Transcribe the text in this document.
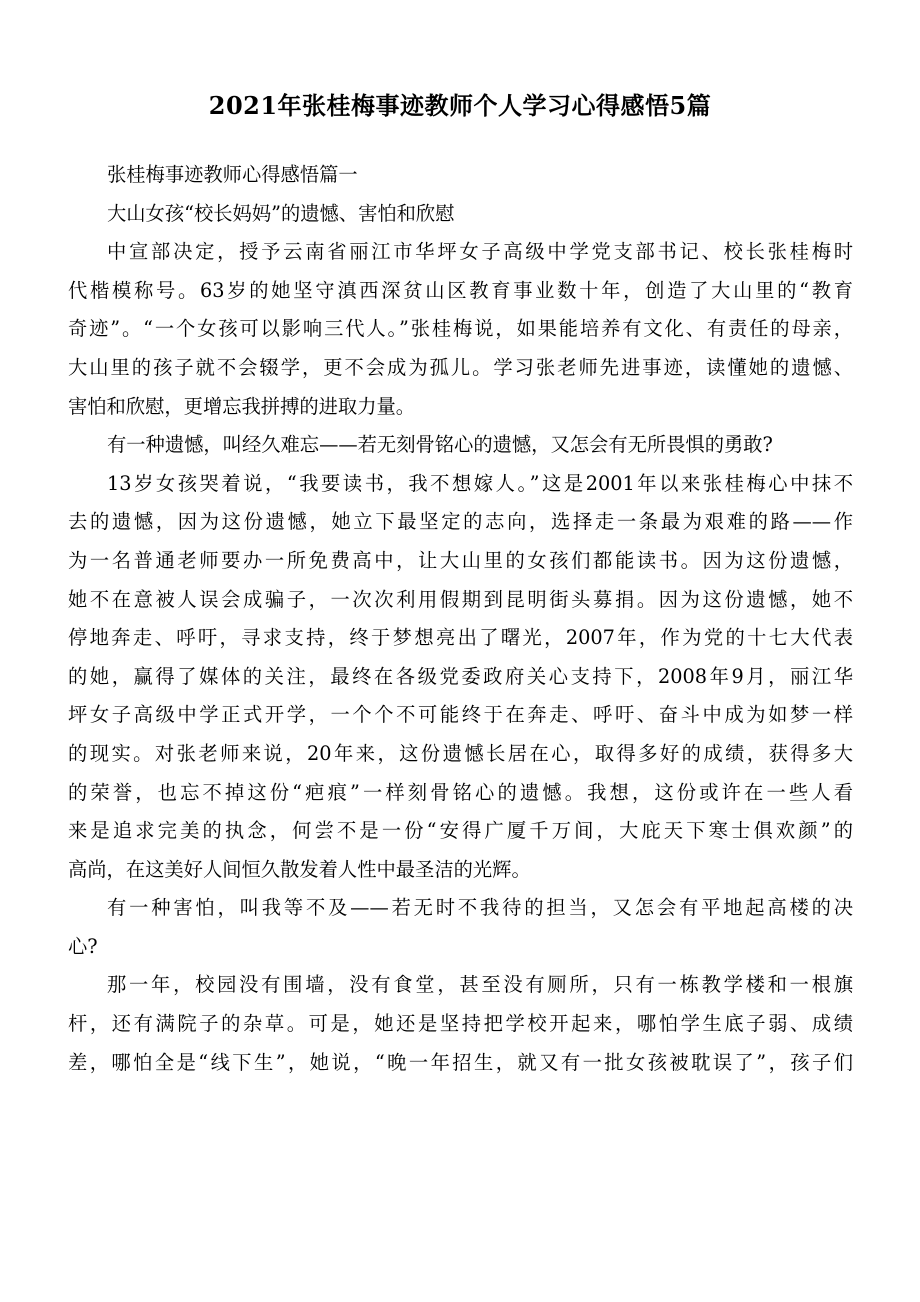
2021年张桂梅事迹教师个人学习心得感悟5篇
张桂梅事迹教师心得感悟篇一
大山女孩“校长妈妈”的遗憾、害怕和欣慰
中宣部决定，授予云南省丽江市华坪女子高级中学党支部书记、校长张桂梅时
代楷模称号。63岁的她坚守滇西深贫山区教育事业数十年，创造了大山里的“教育
奇迹”。“一个女孩可以影响三代人。”张桂梅说，如果能培养有文化、有责任的母亲，
大山里的孩子就不会辍学，更不会成为孤儿。学习张老师先进事迹，读懂她的遗憾、
害怕和欣慰，更增忘我拼搏的进取力量。
有一种遗憾，叫经久难忘——若无刻骨铭心的遗憾，又怎会有无所畏惧的勇敢?
13岁女孩哭着说，“我要读书，我不想嫁人。”这是2001年以来张桂梅心中抹不
去的遗憾，因为这份遗憾，她立下最坚定的志向，选择走一条最为艰难的路——作
为一名普通老师要办一所免费高中，让大山里的女孩们都能读书。因为这份遗憾，
她不在意被人误会成骗子，一次次利用假期到昆明街头募捐。因为这份遗憾，她不
停地奔走、呼吁，寻求支持，终于梦想亮出了曙光，2007年，作为党的十七大代表
的她，赢得了媒体的关注，最终在各级党委政府关心支持下，2008年9月，丽江华
坪女子高级中学正式开学，一个个不可能终于在奔走、呼吁、奋斗中成为如梦一样
的现实。对张老师来说，20年来，这份遗憾长居在心，取得多好的成绩，获得多大
的荣誉，也忘不掉这份“疤痕”一样刻骨铭心的遗憾。我想，这份或许在一些人看
来是追求完美的执念，何尝不是一份“安得广厦千万间，大庇天下寒士俱欢颜”的
高尚，在这美好人间恒久散发着人性中最圣洁的光辉。
有一种害怕，叫我等不及——若无时不我待的担当，又怎会有平地起高楼的决
心?
那一年，校园没有围墙，没有食堂，甚至没有厕所，只有一栋教学楼和一根旗
杆，还有满院子的杂草。可是，她还是坚持把学校开起来，哪怕学生底子弱、成绩
差，哪怕全是“线下生”，她说，“晚一年招生，就又有一批女孩被耽误了”，孩子们
